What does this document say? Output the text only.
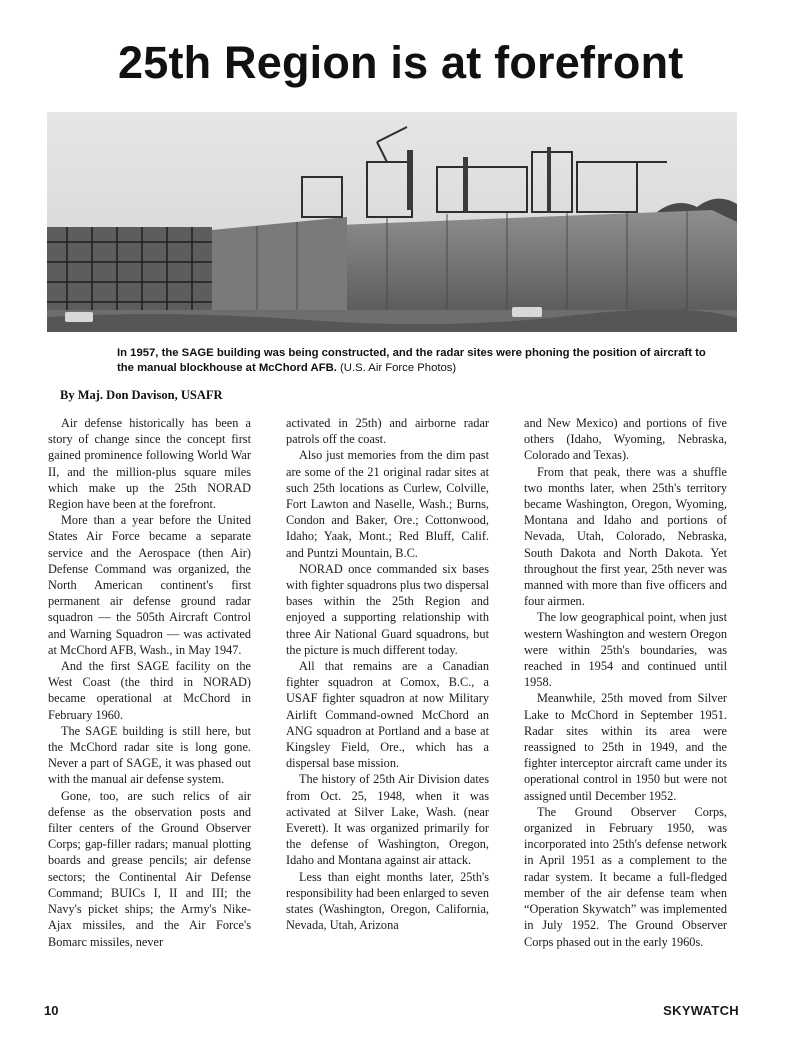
25th Region is at forefront
In 1957, the SAGE building was being constructed, and the radar sites were phoning the position of aircraft to the manual blockhouse at McChord AFB. (U.S. Air Force Photos)
By Maj. Don Davison, USAFR

Air defense historically has been a story of change since the concept first gained prominence following World War II, and the million-plus square miles which make up the 25th NORAD Region have been at the forefront.

More than a year before the United States Air Force became a separate service and the Aerospace (then Air) Defense Command was organized, the North American continent's first permanent air defense ground radar squadron — the 505th Aircraft Control and Warning Squadron — was activated at McChord AFB, Wash., in May 1947.

And the first SAGE facility on the West Coast (the third in NORAD) became operational at McChord in February 1960.

The SAGE building is still here, but the McChord radar site is long gone. Never a part of SAGE, it was phased out with the manual air defense system.

Gone, too, are such relics of air defense as the observation posts and filter centers of the Ground Observer Corps; gap-filler radars; manual plotting boards and grease pencils; air defense sectors; the Continental Air Defense Command; BUICs I, II and III; the Navy's picket ships; the Army's Nike-Ajax missiles, and the Air Force's Bomarc missiles, never

activated in 25th) and airborne radar patrols off the coast.

Also just memories from the dim past are some of the 21 original radar sites at such 25th locations as Curlew, Colville, Fort Lawton and Naselle, Wash.; Burns, Condon and Baker, Ore.; Cottonwood, Idaho; Yaak, Mont.; Red Bluff, Calif. and Puntzi Mountain, B.C.

NORAD once commanded six bases with fighter squadrons plus two dispersal bases within the 25th Region and enjoyed a supporting relationship with three Air National Guard squadrons, but the picture is much different today.

All that remains are a Canadian fighter squadron at Comox, B.C., a USAF fighter squadron at now Military Airlift Command-owned McChord an ANG squadron at Portland and a base at Kingsley Field, Ore., which has a dispersal base mission.

The history of 25th Air Division dates from Oct. 25, 1948, when it was activated at Silver Lake, Wash. (near Everett). It was organized primarily for the defense of Washington, Oregon, Idaho and Montana against air attack.

Less than eight months later, 25th's responsibility had been enlarged to seven states (Washington, Oregon, California, Nevada, Utah, Arizona

and New Mexico) and portions of five others (Idaho, Wyoming, Nebraska, Colorado and Texas).

From that peak, there was a shuffle two months later, when 25th's territory became Washington, Oregon, Wyoming, Montana and Idaho and portions of Nevada, Utah, Colorado, Nebraska, South Dakota and North Dakota. Yet throughout the first year, 25th never was manned with more than five officers and four airmen.

The low geographical point, when just western Washington and western Oregon were within 25th's boundaries, was reached in 1954 and continued until 1958.

Meanwhile, 25th moved from Silver Lake to McChord in September 1951. Radar sites within its area were reassigned to 25th in 1949, and the fighter interceptor aircraft came under its operational control in 1950 but were not assigned until December 1952.

The Ground Observer Corps, organized in February 1950, was incorporated into 25th's defense network in April 1951 as a complement to the radar system. It became a full-fledged member of the air defense team when “Operation Skywatch” was implemented in July 1952. The Ground Observer Corps phased out in the early 1960s.

10	SKYWATCH
